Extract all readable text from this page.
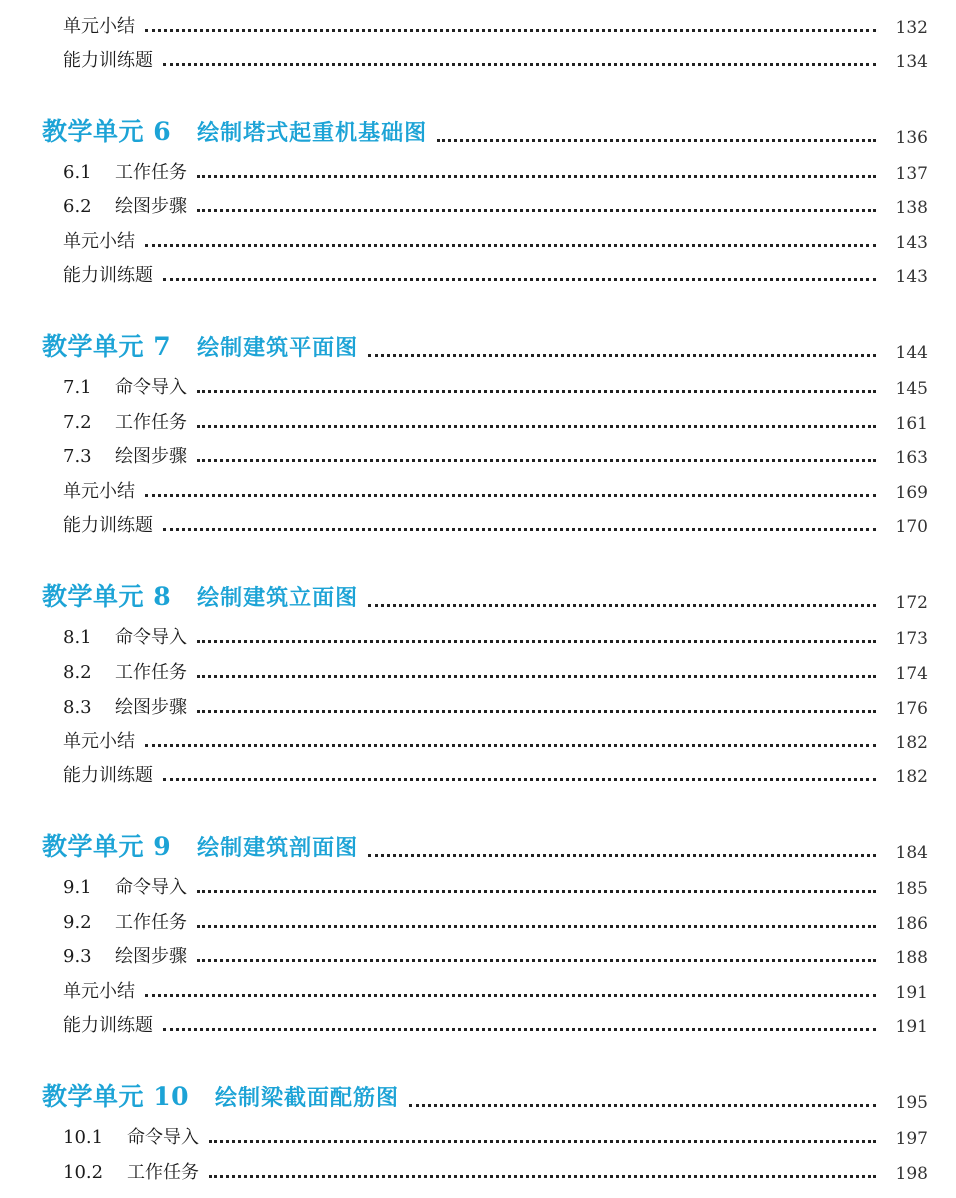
单元小结	132
能力训练题	134
教学单元 6 绘制塔式起重机基础图	136
6.1 工作任务	137
6.2 绘图步骤	138
单元小结	143
能力训练题	143
教学单元 7 绘制建筑平面图	144
7.1 命令导入	145
7.2 工作任务	161
7.3 绘图步骤	163
单元小结	169
能力训练题	170
教学单元 8 绘制建筑立面图	172
8.1 命令导入	173
8.2 工作任务	174
8.3 绘图步骤	176
单元小结	182
能力训练题	182
教学单元 9 绘制建筑剖面图	184
9.1 命令导入	185
9.2 工作任务	186
9.3 绘图步骤	188
单元小结	191
能力训练题	191
教学单元 10 绘制梁截面配筋图	195
10.1 命令导入	197
10.2 工作任务	198
